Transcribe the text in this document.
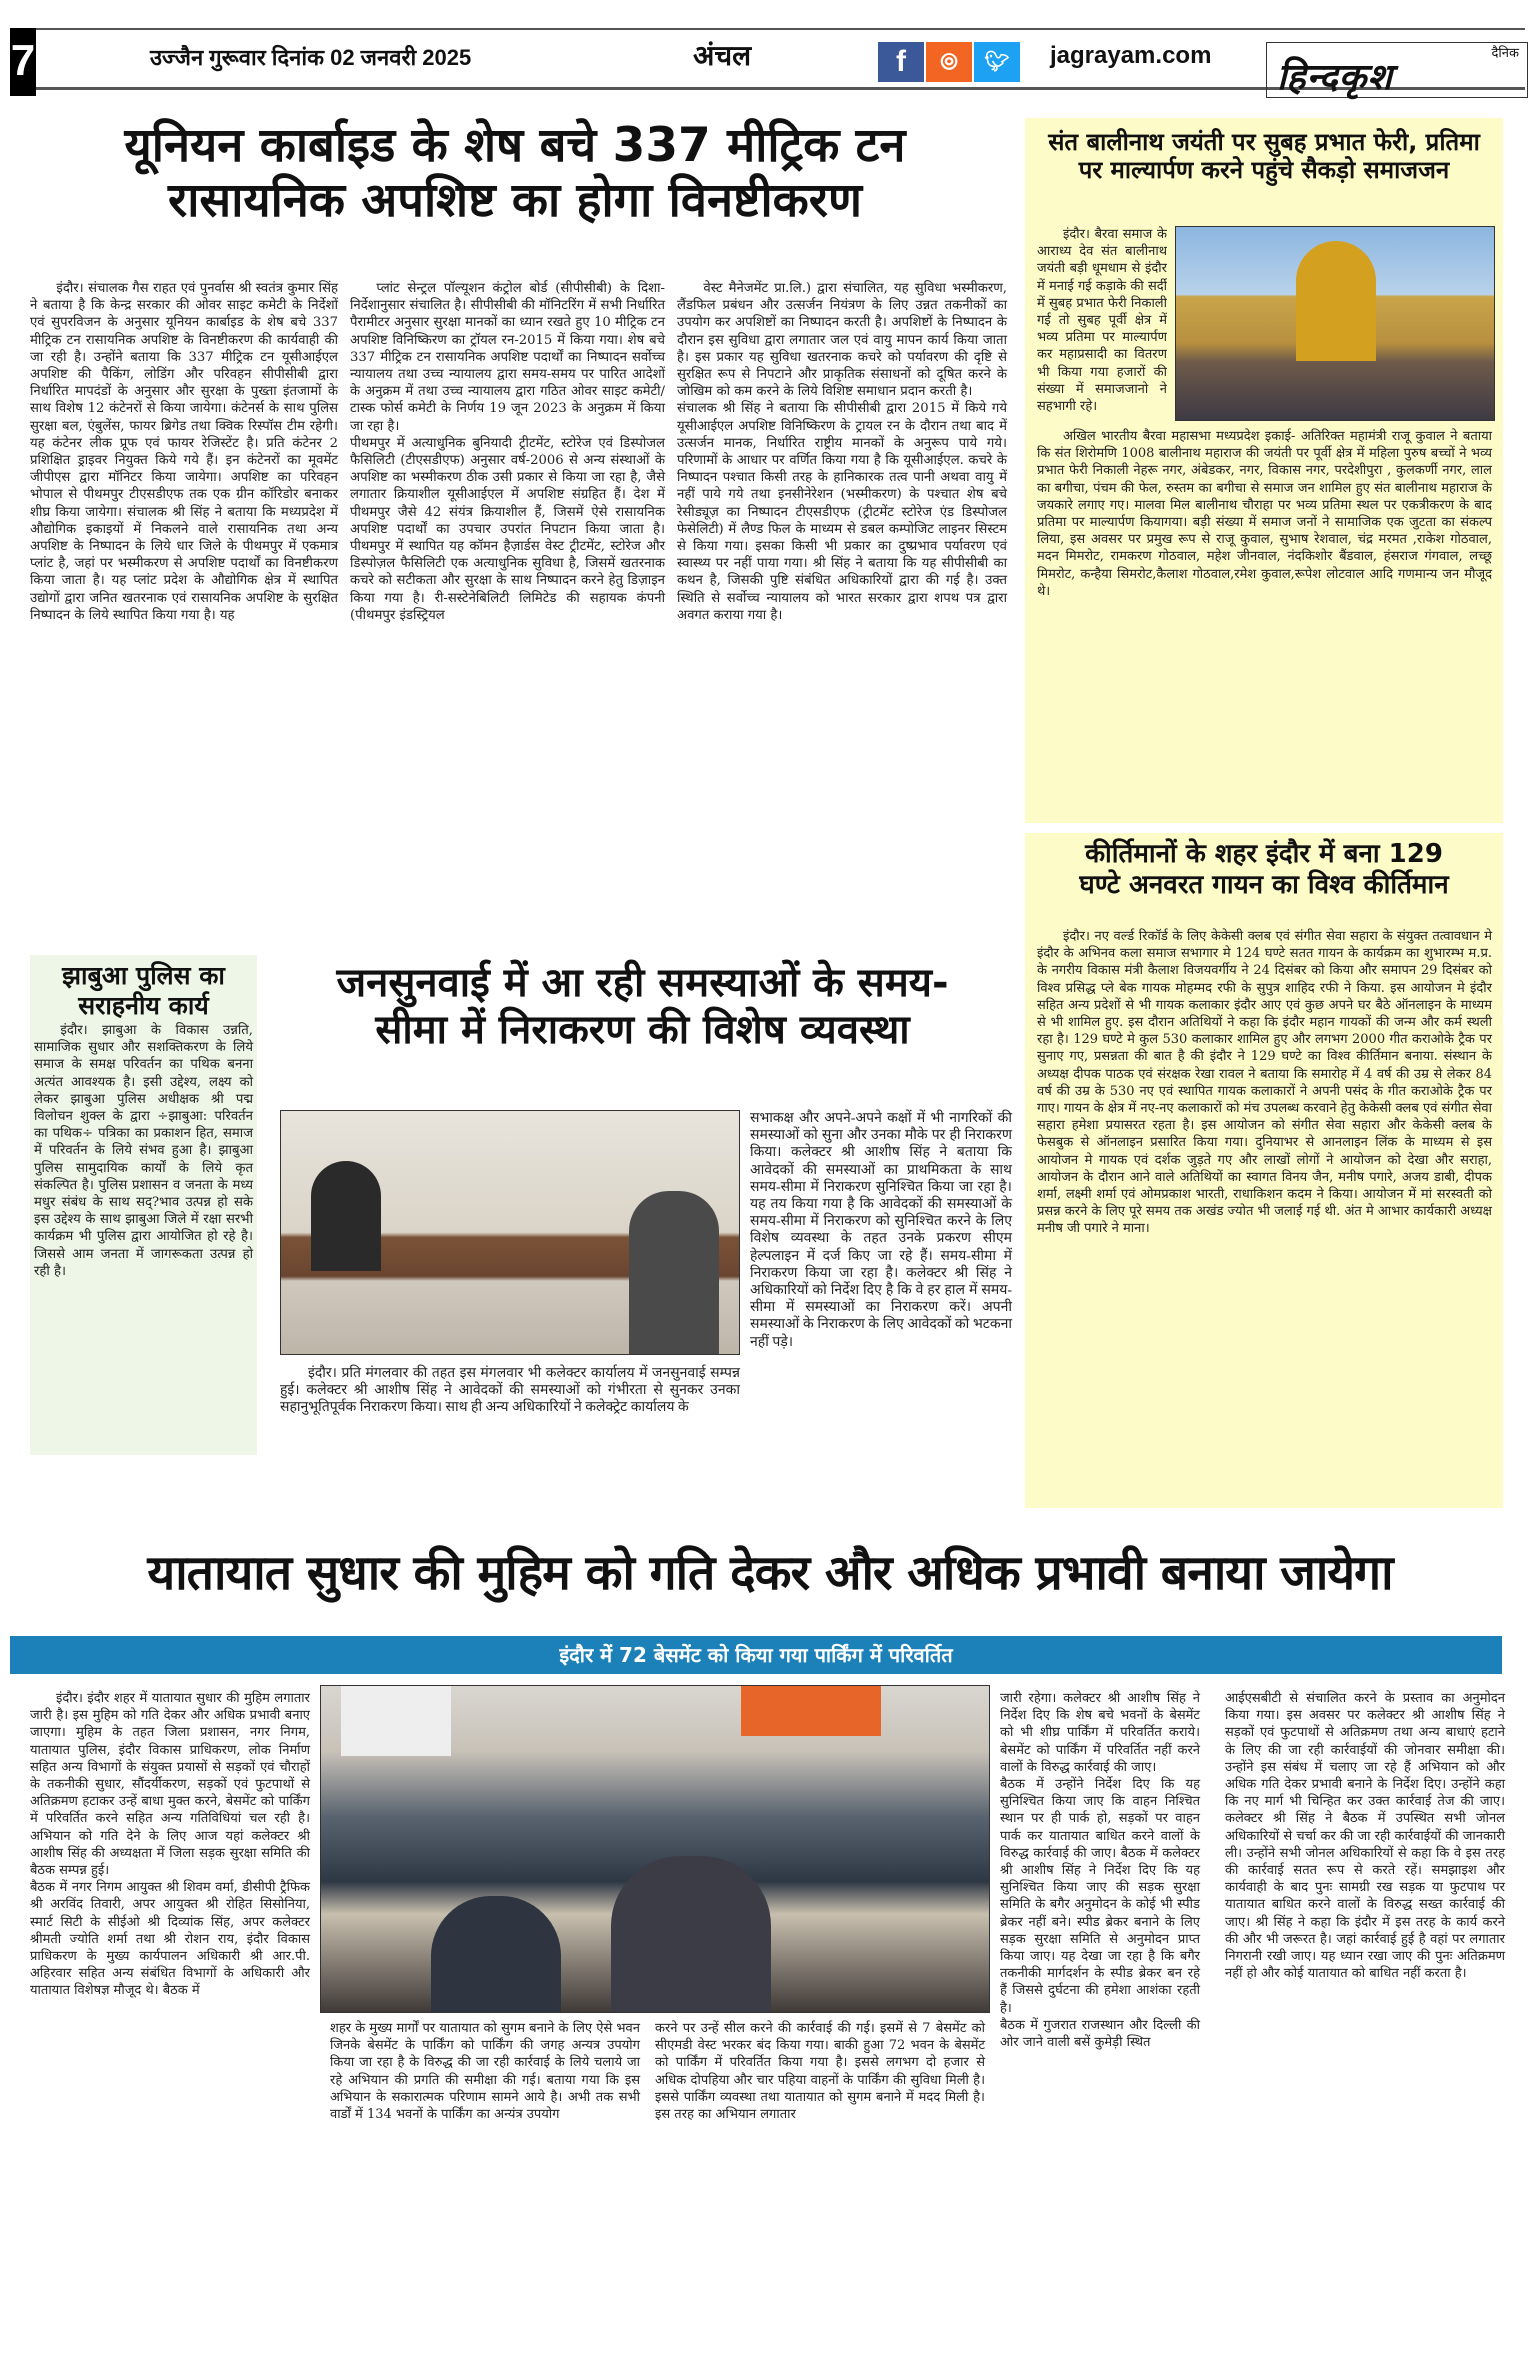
7	उज्जैन गुरूवार दिनांक 02 जनवरी 2025	अंचल	f	⦾	🐦︎	jagrayam.com	दैनिक
हिन्दकृश
यूनियन कार्बाइड के शेष बचे 337 मीट्रिक टन
रासायनिक अपशिष्ट का होगा विनष्टीकरण

इंदौर। संचालक गैस राहत एवं पुनर्वास श्री स्वतंत्र कुमार सिंह ने बताया है कि केन्द्र सरकार की ओवर साइट कमेटी के निर्देशों एवं सुपरविजन के अनुसार यूनियन कार्बाइड के शेष बचे 337 मीट्रिक टन रासायनिक अपशिष्ट के विनष्टीकरण की कार्यवाही की जा रही है। उन्होंने बताया कि 337 मीट्रिक टन यूसीआईएल अपशिष्ट की पैकिंग, लोडिंग और परिवहन सीपीसीबी द्वारा निर्धारित मापदंडों के अनुसार और सुरक्षा के पुख्ता इंतजामों के साथ विशेष 12 कंटेनरों से किया जायेगा। कंटेनर्स के साथ पुलिस सुरक्षा बल, एंबुलेंस, फायर ब्रिगेड तथा क्विक रिस्पॉस टीम रहेगी। यह कंटेनर लीक प्रूफ एवं फायर रेजिस्टेंट है। प्रति कंटेनर 2 प्रशिक्षित ड्राइवर नियुक्त किये गये हैं। इन कंटेनरों का मूवमेंट जीपीएस द्वारा मॉनिटर किया जायेगा। अपशिष्ट का परिवहन भोपाल से पीथमपुर टीएसडीएफ तक एक ग्रीन कॉरिडोर बनाकर शीघ्र किया जायेगा। संचालक श्री सिंह ने बताया कि मध्यप्रदेश में औद्योगिक इकाइयों में निकलने वाले रासायनिक तथा अन्य अपशिष्ट के निष्पादन के लिये धार जिले के पीथमपुर में एकमात्र प्लांट है, जहां पर भस्मीकरण से अपशिष्ट पदार्थों का विनष्टीकरण किया जाता है। यह प्लांट प्रदेश के औद्योगिक क्षेत्र में स्थापित उद्योगों द्वारा जनित खतरनाक एवं रासायनिक अपशिष्ट के सुरक्षित निष्पादन के लिये स्थापित किया गया है। यह

प्लांट सेन्ट्रल पॉल्यूशन कंट्रोल बोर्ड (सीपीसीबी) के दिशा-निर्देशानुसार संचालित है। सीपीसीबी की मॉनिटरिंग में सभी निर्धारित पैरामीटर अनुसार सुरक्षा मानकों का ध्यान रखते हुए 10 मीट्रिक टन अपशिष्ट विनिष्किरण का ट्रॉयल रन-2015 में किया गया। शेष बचे 337 मीट्रिक टन रासायनिक अपशिष्ट पदार्थों का निष्पादन सर्वोच्च न्यायालय तथा उच्च न्यायालय द्वारा समय-समय पर पारित आदेशों के अनुक्रम में तथा उच्च न्यायालय द्वारा गठित ओवर साइट कमेटी/टास्क फोर्स कमेटी के निर्णय 19 जून 2023 के अनुक्रम में किया जा रहा है।
पीथमपुर में अत्याधुनिक बुनियादी ट्रीटमेंट, स्टोरेज एवं डिस्पोजल फैसिलिटी (टीएसडीएफ) अनुसार वर्ष-2006 से अन्य संस्थाओं के अपशिष्ट का भस्मीकरण ठीक उसी प्रकार से किया जा रहा है, जैसे लगातार क्रियाशील यूसीआईएल में अपशिष्ट संग्रहित हैं। देश में पीथमपुर जैसे 42 संयंत्र क्रियाशील हैं, जिसमें ऐसे रासायनिक अपशिष्ट पदार्थों का उपचार उपरांत निपटान किया जाता है। पीथमपुर में स्थापित यह कॉमन हैज़ार्डस वेस्ट ट्रीटमेंट, स्टोरेज और डिस्पोज़ल फैसिलिटी एक अत्याधुनिक सुविधा है, जिसमें खतरनाक कचरे को सटीकता और सुरक्षा के साथ निष्पादन करने हेतु डिज़ाइन किया गया है। री-सस्टेनेबिलिटी लिमिटेड की सहायक कंपनी (पीथमपुर इंडस्ट्रियल

वेस्ट मैनेजमेंट प्रा.लि.) द्वारा संचालित, यह सुविधा भस्मीकरण, लैंडफिल प्रबंधन और उत्सर्जन नियंत्रण के लिए उन्नत तकनीकों का उपयोग कर अपशिष्टों का निष्पादन करती है। अपशिष्टों के निष्पादन के दौरान इस सुविधा द्वारा लगातार जल एवं वायु मापन कार्य किया जाता है। इस प्रकार यह सुविधा खतरनाक कचरे को पर्यावरण की दृष्टि से सुरक्षित रूप से निपटाने और प्राकृतिक संसाधनों को दूषित करने के जोखिम को कम करने के लिये विशिष्ट समाधान प्रदान करती है।
संचालक श्री सिंह ने बताया कि सीपीसीबी द्वारा 2015 में किये गये यूसीआईएल अपशिष्ट विनिष्किरण के ट्रायल रन के दौरान तथा बाद में उत्सर्जन मानक, निर्धारित राष्ट्रीय मानकों के अनुरूप पाये गये। परिणामों के आधार पर वर्णित किया गया है कि यूसीआईएल. कचरे के निष्पादन पश्चात किसी तरह के हानिकारक तत्व पानी अथवा वायु में नहीं पाये गये तथा इनसीनेरेशन (भस्मीकरण) के पश्चात शेष बचे रेसीड्यूज़ का निष्पादन टीएसडीएफ (ट्रीटमेंट स्टोरेज एंड डिस्पोजल फेसेलिटी) में लैण्ड फिल के माध्यम से डबल कम्पोजिट लाइनर सिस्टम से किया गया। इसका किसी भी प्रकार का दुष्प्रभाव पर्यावरण एवं स्वास्थ्य पर नहीं पाया गया। श्री सिंह ने बताया कि यह सीपीसीबी का कथन है, जिसकी पुष्टि संबंधित अधिकारियों द्वारा की गई है। उक्त स्थिति से सर्वोच्च न्यायालय को भारत सरकार द्वारा शपथ पत्र द्वारा अवगत कराया गया है।

संत बालीनाथ जयंती पर सुबह प्रभात फेरी, प्रतिमा
पर माल्यार्पण करने पहुंचे सैकड़ो समाजजन

इंदौर। बैरवा समाज के आराध्य देव संत बालीनाथ जयंती बड़ी धूमधाम से इंदौर में मनाई गई कड़ाके की सर्दी में सुबह प्रभात फेरी निकाली गई तो सुबह पूर्वी क्षेत्र में भव्य प्रतिमा पर माल्यार्पण कर महाप्रसादी का वितरण भी किया गया हजारों की संख्या में समाजजानो ने सहभागी रहे।

अखिल भारतीय बैरवा महासभा मध्यप्रदेश इकाई- अतिरिक्त महामंत्री राजू कुवाल ने बताया कि संत शिरोमणि 1008 बालीनाथ महाराज की जयंती पर पूर्वी क्षेत्र में महिला पुरुष बच्चों ने भव्य प्रभात फेरी निकाली नेहरू नगर, अंबेडकर, नगर, विकास नगर, परदेशीपुरा , कुलकर्णी नगर, लाल का बगीचा, पंचम की फेल, रुस्तम का बगीचा से समाज जन शामिल हुए संत बालीनाथ महाराज के जयकारे लगाए गए। मालवा मिल बालीनाथ चौराहा पर भव्य प्रतिमा स्थल पर एकत्रीकरण के बाद प्रतिमा पर माल्यार्पण कियागया। बड़ी संख्या में समाज जनों ने सामाजिक एक जुटता का संकल्प लिया, इस अवसर पर प्रमुख रूप से राजू कुवाल, सुभाष रेशवाल, चंद्र मरमत ,राकेश गोठवाल, मदन मिमरोट, रामकरण गोठवाल, महेश जीनवाल, नंदकिशोर बैंडवाल, हंसराज गंगवाल, लच्छू मिमरोट, कन्हैया सिमरोट,कैलाश गोठवाल,रमेश कुवाल,रूपेश लोटवाल आदि गणमान्य जन मौजूद थे।

कीर्तिमानों के शहर इंदौर में बना 129
घण्टे अनवरत गायन का विश्व कीर्तिमान

इंदौर। नए वर्ल्ड रिकॉर्ड के लिए केकेसी क्लब एवं संगीत सेवा सहारा के संयुक्त तत्वावधान मे इंदौर के अभिनव कला समाज सभागार मे 124 घण्टे सतत गायन के कार्यक्रम का शुभारम्भ म.प्र. के नगरीय विकास मंत्री कैलाश विजयवर्गीय ने 24 दिसंबर को किया और समापन 29 दिसंबर को विश्व प्रसिद्ध प्ले बेक गायक मोहम्मद रफी के सुपुत्र शाहिद रफी ने किया. इस आयोजन मे इंदौर सहित अन्य प्रदेशों से भी गायक कलाकार इंदौर आए एवं कुछ अपने घर बैठे ऑनलाइन के माध्यम से भी शामिल हुए. इस दौरान अतिथियों ने कहा कि इंदौर महान गायकों की जन्म और कर्म स्थली रहा है। 129 घण्टे मे कुल 530 कलाकार शामिल हुए और लगभग 2000 गीत कराओके ट्रैक पर सुनाए गए, प्रसन्नता की बात है की इंदौर ने 129 घण्टे का विश्व कीर्तिमान बनाया. संस्थान के अध्यक्ष दीपक पाठक एवं संरक्षक रेखा रावल ने बताया कि समारोह में 4 वर्ष की उम्र से लेकर 84 वर्ष की उम्र के 530 नए एवं स्थापित गायक कलाकारों ने अपनी पसंद के गीत कराओके ट्रैक पर गाए। गायन के क्षेत्र में नए-नए कलाकारों को मंच उपलब्ध करवाने हेतु केकेसी क्लब एवं संगीत सेवा सहारा हमेशा प्रयासरत रहता है। इस आयोजन को संगीत सेवा सहारा और केकेसी क्लब के फेसबुक से ऑनलाइन प्रसारित किया गया। दुनियाभर से आनलाइन लिंक के माध्यम से इस आयोजन मे गायक एवं दर्शक जुड़ते गए और लाखों लोगों ने आयोजन को देखा और सराहा, आयोजन के दौरान आने वाले अतिथियों का स्वागत विनय जैन, मनीष पगारे, अजय डाबी, दीपक शर्मा, लक्ष्मी शर्मा एवं ओमप्रकाश भारती, राधाकिशन कदम ने किया। आयोजन में मां सरस्वती को प्रसन्न करने के लिए पूरे समय तक अखंड ज्योत भी जलाई गई थी. अंत मे आभार कार्यकारी अध्यक्ष मनीष जी पगारे ने माना।

झाबुआ पुलिस का
सराहनीय कार्य

इंदौर। झाबुआ के विकास उन्नति, सामाजिक सुधार और सशक्तिकरण के लिये समाज के समक्ष परिवर्तन का पथिक बनना अत्यंत आवश्यक है। इसी उद्देश्य, लक्ष्य को लेकर झाबुआ पुलिस अधीक्षक श्री पद्म विलोचन शुक्ल के द्वारा ÷झाबुआ: परिवर्तन का पथिक÷ पत्रिका का प्रकाशन हित, समाज में परिवर्तन के लिये संभव हुआ है। झाबुआ पुलिस सामुदायिक कार्यों के लिये कृत संकल्पित है। पुलिस प्रशासन व जनता के मध्य मधुर संबंध के साथ सद्?भाव उत्पन्न हो सके इस उद्देश्य के साथ झाबुआ जिले में रक्षा सरभी कार्यक्रम भी पुलिस द्वारा आयोजित हो रहे है। जिससे आम जनता में जागरूकता उत्पन्न हो रही है।

जनसुनवाई में आ रही समस्याओं के समय-
सीमा में निराकरण की विशेष व्यवस्था

सभाकक्ष और अपने-अपने कक्षों में भी नागरिकों की समस्याओं को सुना और उनका मौके पर ही निराकरण किया। कलेक्टर श्री आशीष सिंह ने बताया कि आवेदकों की समस्याओं का प्राथमिकता के साथ समय-सीमा में निराकरण सुनिश्चित किया जा रहा है। यह तय किया गया है कि आवेदकों की समस्याओं के समय-सीमा में निराकरण को सुनिश्चित करने के लिए विशेष व्यवस्था के तहत उनके प्रकरण सीएम हेल्पलाइन में दर्ज किए जा रहे हैं। समय-सीमा में निराकरण किया जा रहा है। कलेक्टर श्री सिंह ने अधिकारियों को निर्देश दिए है कि वे हर हाल में समय-सीमा में समस्याओं का निराकरण करें। अपनी समस्याओं के निराकरण के लिए आवेदकों को भटकना नहीं पड़े।

इंदौर। प्रति मंगलवार की तहत इस मंगलवार भी कलेक्टर कार्यालय में जनसुनवाई सम्पन्न हुई। कलेक्टर श्री आशीष सिंह ने आवेदकों की समस्याओं को गंभीरता से सुनकर उनका सहानुभूतिपूर्वक निराकरण किया। साथ ही अन्य अधिकारियों ने कलेक्ट्रेट कार्यालय के

यातायात सुधार की मुहिम को गति देकर और अधिक प्रभावी बनाया जायेगा
इंदौर में 72 बेसमेंट को किया गया पार्किंग में परिवर्तित

इंदौर। इंदौर शहर में यातायात सुधार की मुहिम लगातार जारी है। इस मुहिम को गति देकर और अधिक प्रभावी बनाए जाएगा। मुहिम के तहत जिला प्रशासन, नगर निगम, यातायात पुलिस, इंदौर विकास प्राधिकरण, लोक निर्माण सहित अन्य विभागों के संयुक्त प्रयासों से सड़कों एवं चौराहों के तकनीकी सुधार, सौंदर्यीकरण, सड़कों एवं फुटपाथों से अतिक्रमण हटाकर उन्हें बाधा मुक्त करने, बेसमेंट को पार्किंग में परिवर्तित करने सहित अन्य गतिविधियां चल रही है। अभियान को गति देने के लिए आज यहां कलेक्टर श्री आशीष सिंह की अध्यक्षता में जिला सड़क सुरक्षा समिति की बैठक सम्पन्न हुई।
बैठक में नगर निगम आयुक्त श्री शिवम वर्मा, डीसीपी ट्रैफिक श्री अरविंद तिवारी, अपर आयुक्त श्री रोहित सिसोनिया, स्मार्ट सिटी के सीईओ श्री दिव्यांक सिंह, अपर कलेक्टर श्रीमती ज्योति शर्मा तथा श्री रोशन राय, इंदौर विकास प्राधिकरण के मुख्य कार्यपालन अधिकारी श्री आर.पी. अहिरवार सहित अन्य संबंधित विभागों के अधिकारी और यातायात विशेषज्ञ मौजूद थे। बैठक में

शहर के मुख्य मार्गों पर यातायात को सुगम बनाने के लिए ऐसे भवन जिनके बेसमेंट के पार्किंग को पार्किंग की जगह अन्यत्र उपयोग किया जा रहा है के विरुद्ध की जा रही कार्रवाई के लिये चलाये जा रहे अभियान की प्रगति की समीक्षा की गई। बताया गया कि इस अभियान के सकारात्मक परिणाम सामने आये है। अभी तक सभी वार्डों में 134 भवनों के पार्किंग का अन्यंत्र उपयोग

करने पर उन्हें सील करने की कार्रवाई की गई। इसमें से 7 बेसमेंट को सीएमडी वेस्ट भरकर बंद किया गया। बाकी हुआ 72 भवन के बेसमेंट को पार्किंग में परिवर्तित किया गया है। इससे लगभग दो हजार से अधिक दोपहिया और चार पहिया वाहनों के पार्किंग की सुविधा मिली है। इससे पार्किंग व्यवस्था तथा यातायात को सुगम बनाने में मदद मिली है। इस तरह का अभियान लगातार

जारी रहेगा। कलेक्टर श्री आशीष सिंह ने निर्देश दिए कि शेष बचे भवनों के बेसमेंट को भी शीघ्र पार्किंग में परिवर्तित कराये। बेसमेंट को पार्किंग में परिवर्तित नहीं करने वालों के विरुद्ध कार्रवाई की जाए।
बैठक में उन्होंने निर्देश दिए कि यह सुनिश्चित किया जाए कि वाहन निश्चित स्थान पर ही पार्क हो, सड़कों पर वाहन पार्क कर यातायात बाधित करने वालों के विरुद्ध कार्रवाई की जाए। बैठक में कलेक्टर श्री आशीष सिंह ने निर्देश दिए कि यह सुनिश्चित किया जाए की सड़क सुरक्षा समिति के बगैर अनुमोदन के कोई भी स्पीड ब्रेकर नहीं बने। स्पीड ब्रेकर बनाने के लिए सड़क सुरक्षा समिति से अनुमोदन प्राप्त किया जाए। यह देखा जा रहा है कि बगैर तकनीकी मार्गदर्शन के स्पीड ब्रेकर बन रहे हैं जिससे दुर्घटना की हमेशा आशंका रहती है।
बैठक में गुजरात राजस्थान और दिल्ली की ओर जाने वाली बसें कुमेड़ी स्थित

आईएसबीटी से संचालित करने के प्रस्ताव का अनुमोदन किया गया। इस अवसर पर कलेक्टर श्री आशीष सिंह ने सड़कों एवं फुटपाथों से अतिक्रमण तथा अन्य बाधाएं हटाने के लिए की जा रही कार्रवाईयों की जोनवार समीक्षा की। उन्होंने इस संबंध में चलाए जा रहे हैं अभियान को और अधिक गति देकर प्रभावी बनाने के निर्देश दिए। उन्होंने कहा कि नए मार्ग भी चिन्हित कर उक्त कार्रवाई तेज की जाए। कलेक्टर श्री सिंह ने बैठक में उपस्थित सभी जोनल अधिकारियों से चर्चा कर की जा रही कार्रवाईयों की जानकारी ली। उन्होंने सभी जोनल अधिकारियों से कहा कि वे इस तरह की कार्रवाई सतत रूप से करते रहें। समझाइश और कार्यवाही के बाद पुनः सामग्री रख सड़क या फुटपाथ पर यातायात बाधित करने वालों के विरुद्ध सख्त कार्रवाई की जाए। श्री सिंह ने कहा कि इंदौर में इस तरह के कार्य करने की और भी जरूरत है। जहां कार्रवाई हुई है वहां पर लगातार निगरानी रखी जाए। यह ध्यान रखा जाए की पुनः अतिक्रमण नहीं हो और कोई यातायात को बाधित नहीं करता है।
